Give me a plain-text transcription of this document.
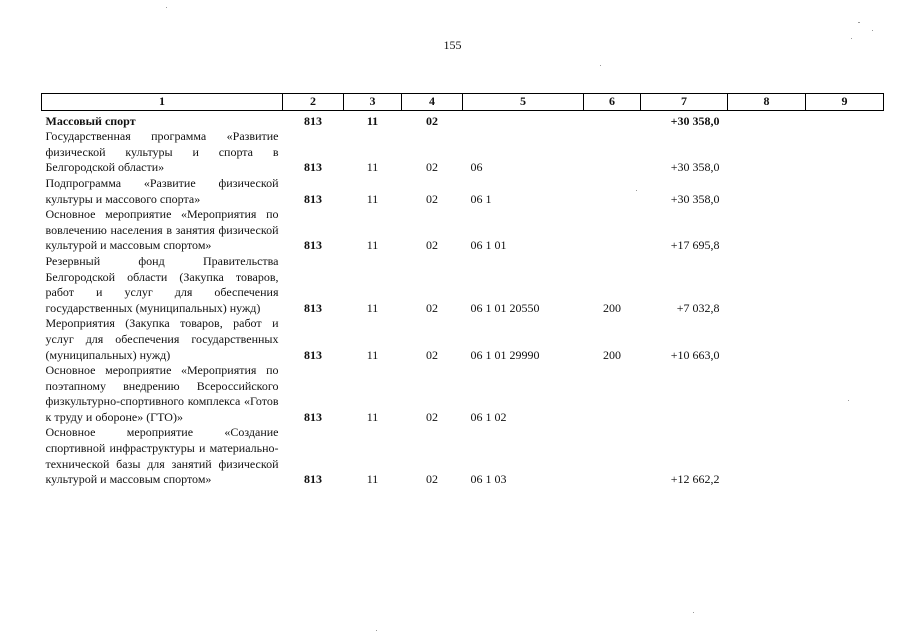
155
1	2	3	4	5	6	7	8	9
Массовый спорт	813	11	02			+30 358,0		
Государственная программа «Развитие физической культуры и спорта в Белгородской области»	813	11	02	06		+30 358,0		
Подпрограмма «Развитие физической культуры и массового спорта»	813	11	02	06 1		+30 358,0		
Основное мероприятие «Мероприятия по вовлечению населения в занятия физической культурой и массовым спортом»	813	11	02	06 1 01		+17 695,8		
Резервный фонд Правительства Белгородской области (Закупка товаров, работ и услуг для обеспечения государственных (муниципальных) нужд)	813	11	02	06 1 01 20550	200	+7 032,8		
Мероприятия (Закупка товаров, работ и услуг для обеспечения государственных (муниципальных) нужд)	813	11	02	06 1 01 29990	200	+10 663,0		
Основное мероприятие «Мероприятия по поэтапному внедрению Всероссийского физкультурно-спортивного комплекса «Готов к труду и обороне» (ГТО)»	813	11	02	06 1 02				
Основное мероприятие «Создание спортивной инфраструктуры и материально-технической базы для занятий физической культурой и массовым спортом»	813	11	02	06 1 03		+12 662,2		
